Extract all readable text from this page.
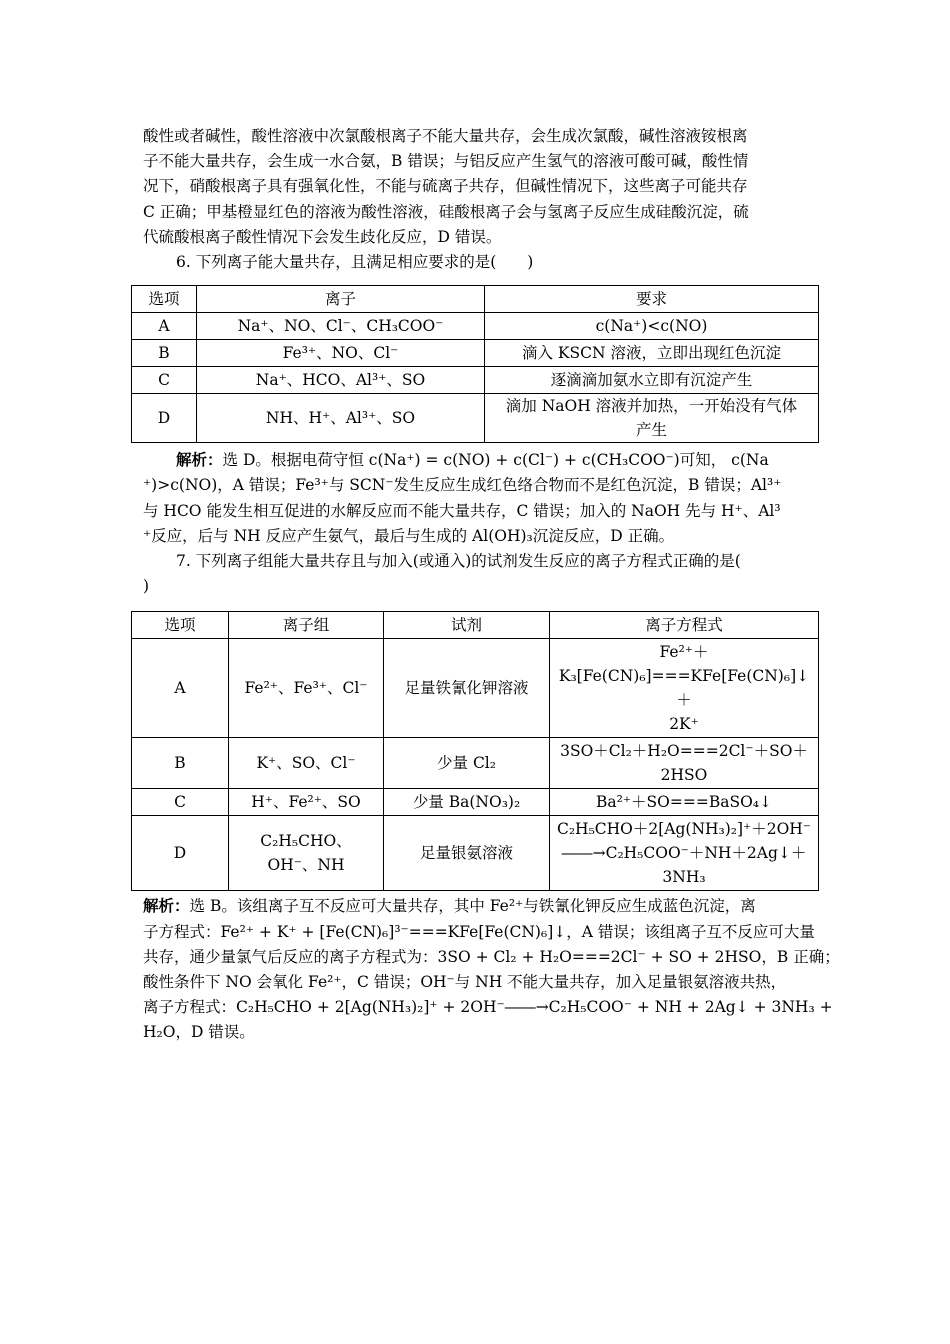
酸性或者碱性，酸性溶液中次氯酸根离子不能大量共存，会生成次氯酸，碱性溶液铵根离
子不能大量共存，会生成一水合氨，B 错误；与铝反应产生氢气的溶液可酸可碱，酸性情
况下，硝酸根离子具有强氧化性，不能与硫离子共存，但碱性情况下，这些离子可能共存
C 正确；甲基橙显红色的溶液为酸性溶液，硅酸根离子会与氢离子反应生成硅酸沉淀，硫
代硫酸根离子酸性情况下会发生歧化反应，D 错误。

6. 下列离子能大量共存，且满足相应要求的是(　　)

选项	离子	要求
A	Na⁺、NO、Cl⁻、CH₃COO⁻	c(Na⁺)<c(NO)
B	Fe³⁺、NO、Cl⁻	滴入 KSCN 溶液，立即出现红色沉淀
C	Na⁺、HCO、Al³⁺、SO	逐滴滴加氨水立即有沉淀产生
D	NH、H⁺、Al³⁺、SO	滴加 NaOH 溶液并加热，一开始没有气体产生

解析：选 D。根据电荷守恒 c(Na⁺) = c(NO) + c(Cl⁻) + c(CH₃COO⁻)可知， c(Na
⁺)>c(NO)，A 错误；Fe³⁺与 SCN⁻发生反应生成红色络合物而不是红色沉淀，B 错误；Al³⁺
与 HCO 能发生相互促进的水解反应而不能大量共存，C 错误；加入的 NaOH 先与 H⁺、Al³
⁺反应，后与 NH 反应产生氨气，最后与生成的 Al(OH)₃沉淀反应，D 正确。

7. 下列离子组能大量共存且与加入(或通入)的试剂发生反应的离子方程式正确的是(
)

选项	离子组	试剂	离子方程式
A	Fe²⁺、Fe³⁺、Cl⁻	足量铁氰化钾溶液	Fe²⁺＋
K₃[Fe(CN)₆]===KFe[Fe(CN)₆]↓＋
2K⁺

B	K⁺、SO、Cl⁻	少量 Cl₂	3SO＋Cl₂＋H₂O===2Cl⁻＋SO＋
2HSO

C	H⁺、Fe²⁺、SO	少量 Ba(NO₃)₂	Ba²⁺＋SO===BaSO₄↓

D	C₂H₅CHO、OH⁻、NH	足量银氨溶液	C₂H₅CHO＋2[Ag(NH₃)₂]⁺＋2OH⁻
――→C₂H₅COO⁻＋NH＋2Ag↓＋
3NH₃

解析：选 B。该组离子互不反应可大量共存，其中 Fe²⁺与铁氰化钾反应生成蓝色沉淀，离
子方程式：Fe²⁺ + K⁺ + [Fe(CN)₆]³⁻===KFe[Fe(CN)₆]↓，A 错误；该组离子互不反应可大量
共存，通少量氯气后反应的离子方程式为：3SO + Cl₂ + H₂O===2Cl⁻ + SO + 2HSO，B 正确；
酸性条件下 NO 会氧化 Fe²⁺，C 错误；OH⁻与 NH 不能大量共存，加入足量银氨溶液共热，
离子方程式：C₂H₅CHO + 2[Ag(NH₃)₂]⁺ + 2OH⁻――→C₂H₅COO⁻ + NH + 2Ag↓ + 3NH₃ +
H₂O，D 错误。
